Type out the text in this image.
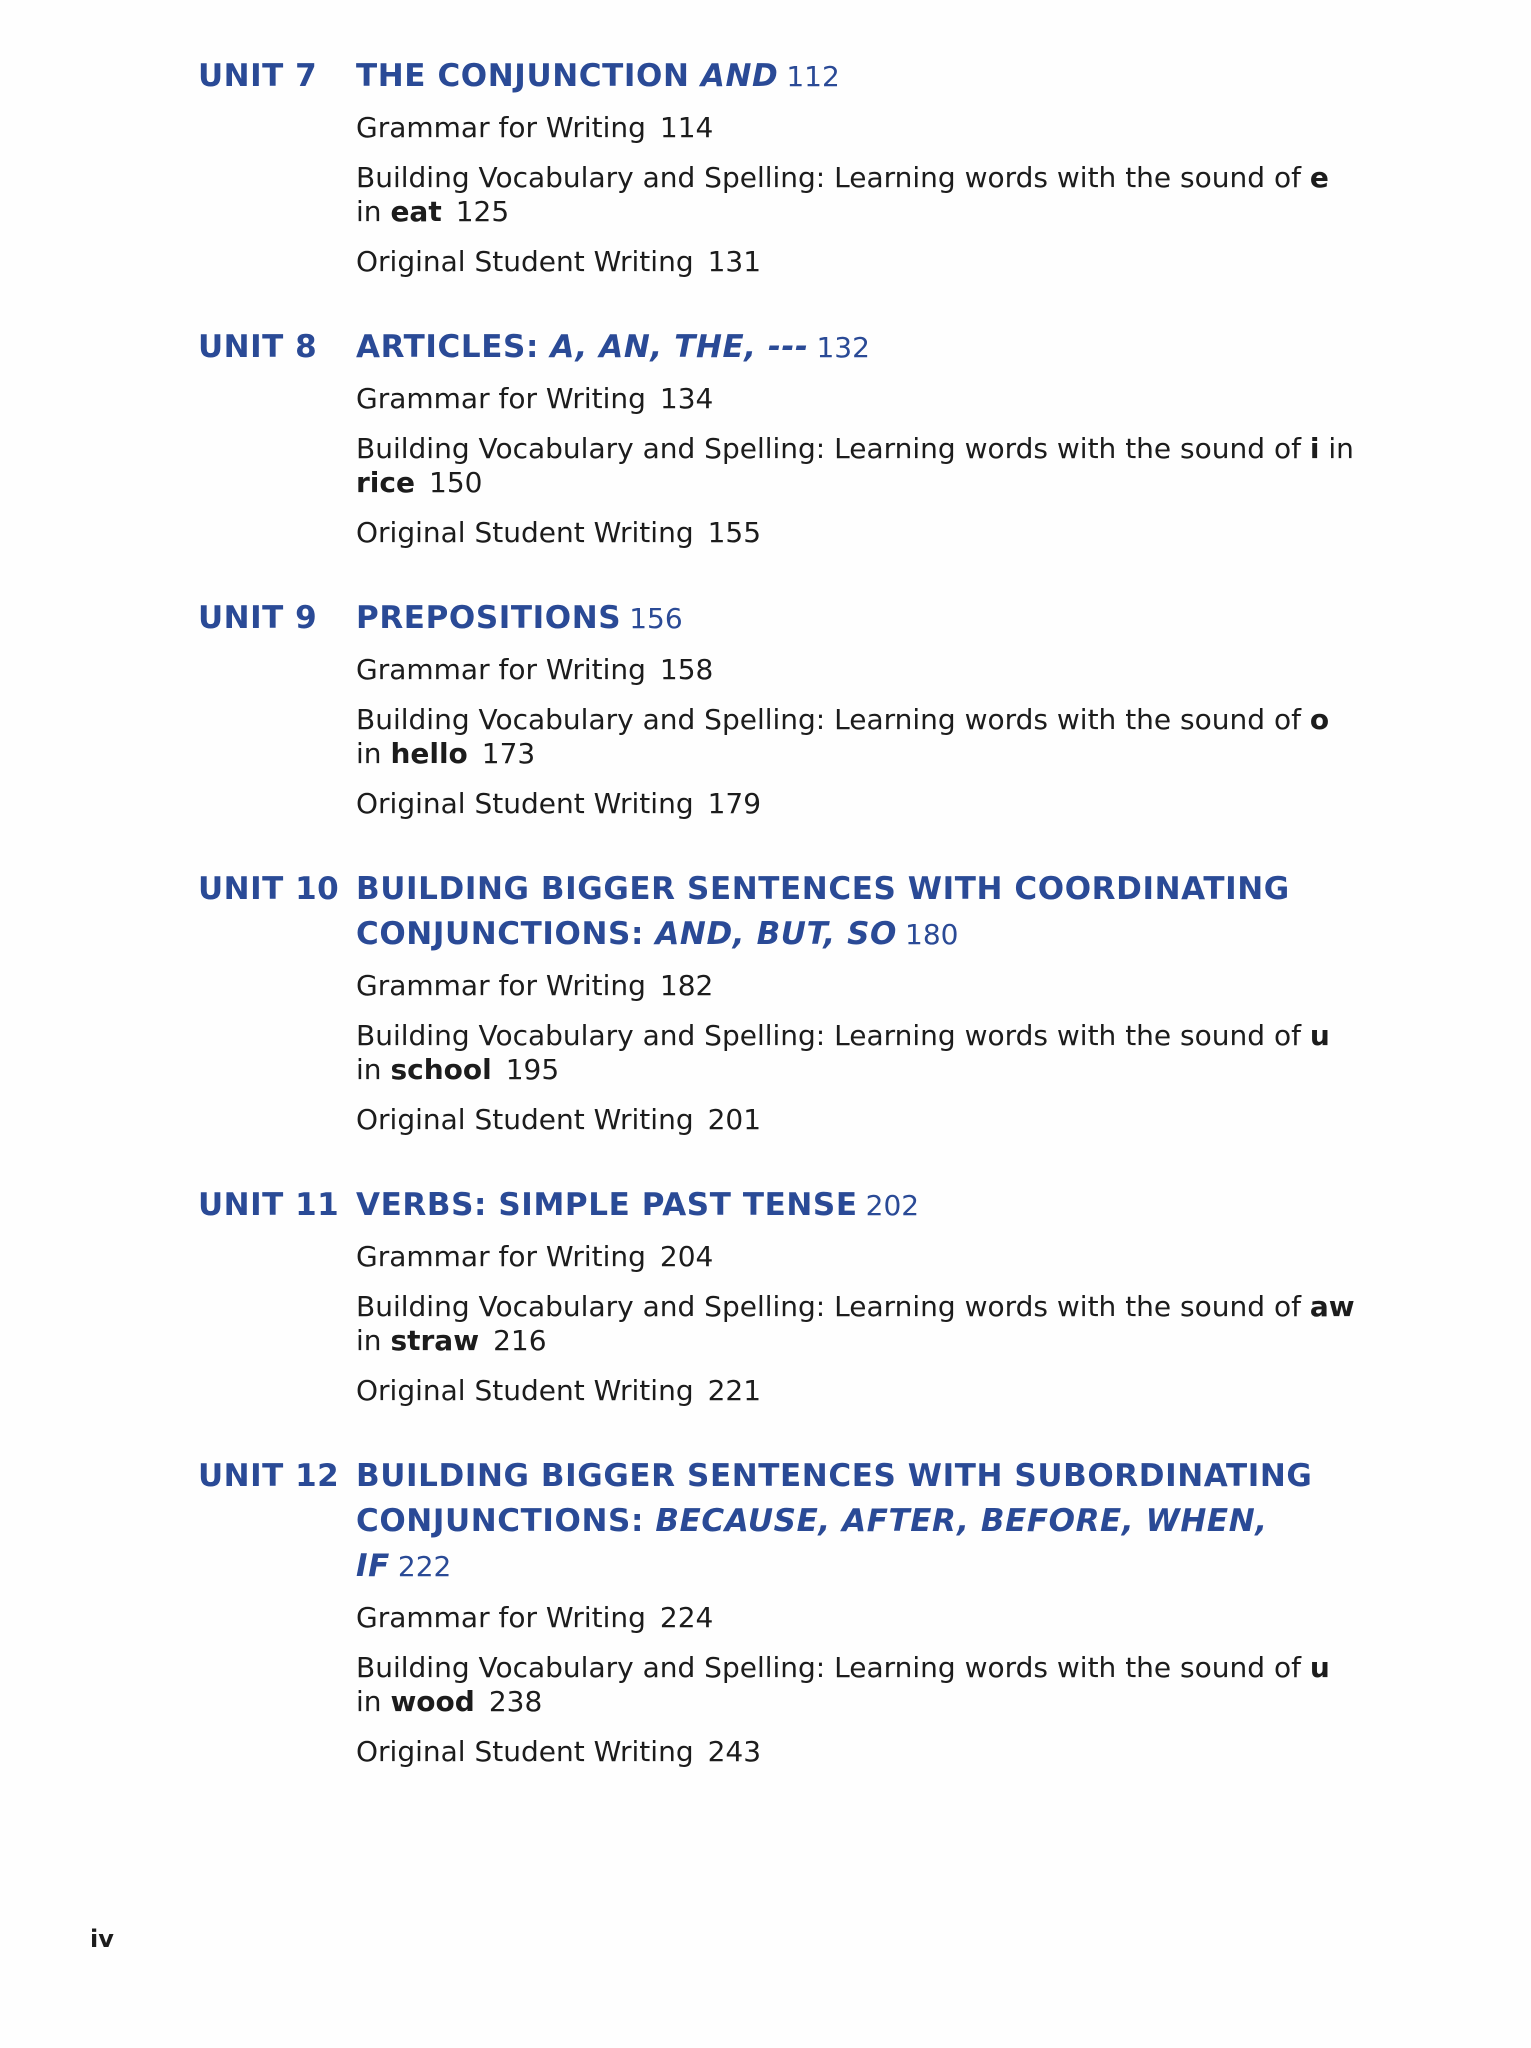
UNIT 7 THE CONJUNCTION AND 112
Grammar for Writing 114
Building Vocabulary and Spelling: Learning words with the sound of e in eat 125
Original Student Writing 131
UNIT 8 ARTICLES: A, AN, THE, --- 132
Grammar for Writing 134
Building Vocabulary and Spelling: Learning words with the sound of i in rice 150
Original Student Writing 155
UNIT 9 PREPOSITIONS 156
Grammar for Writing 158
Building Vocabulary and Spelling: Learning words with the sound of o in hello 173
Original Student Writing 179
UNIT 10 BUILDING BIGGER SENTENCES WITH COORDINATING
CONJUNCTIONS: AND, BUT, SO 180
Grammar for Writing 182
Building Vocabulary and Spelling: Learning words with the sound of u in school 195
Original Student Writing 201
UNIT 11 VERBS: SIMPLE PAST TENSE 202
Grammar for Writing 204
Building Vocabulary and Spelling: Learning words with the sound of aw in straw 216
Original Student Writing 221
UNIT 12 BUILDING BIGGER SENTENCES WITH SUBORDINATING
CONJUNCTIONS: BECAUSE, AFTER, BEFORE, WHEN, IF 222
Grammar for Writing 224
Building Vocabulary and Spelling: Learning words with the sound of u in wood 238
Original Student Writing 243
iv
